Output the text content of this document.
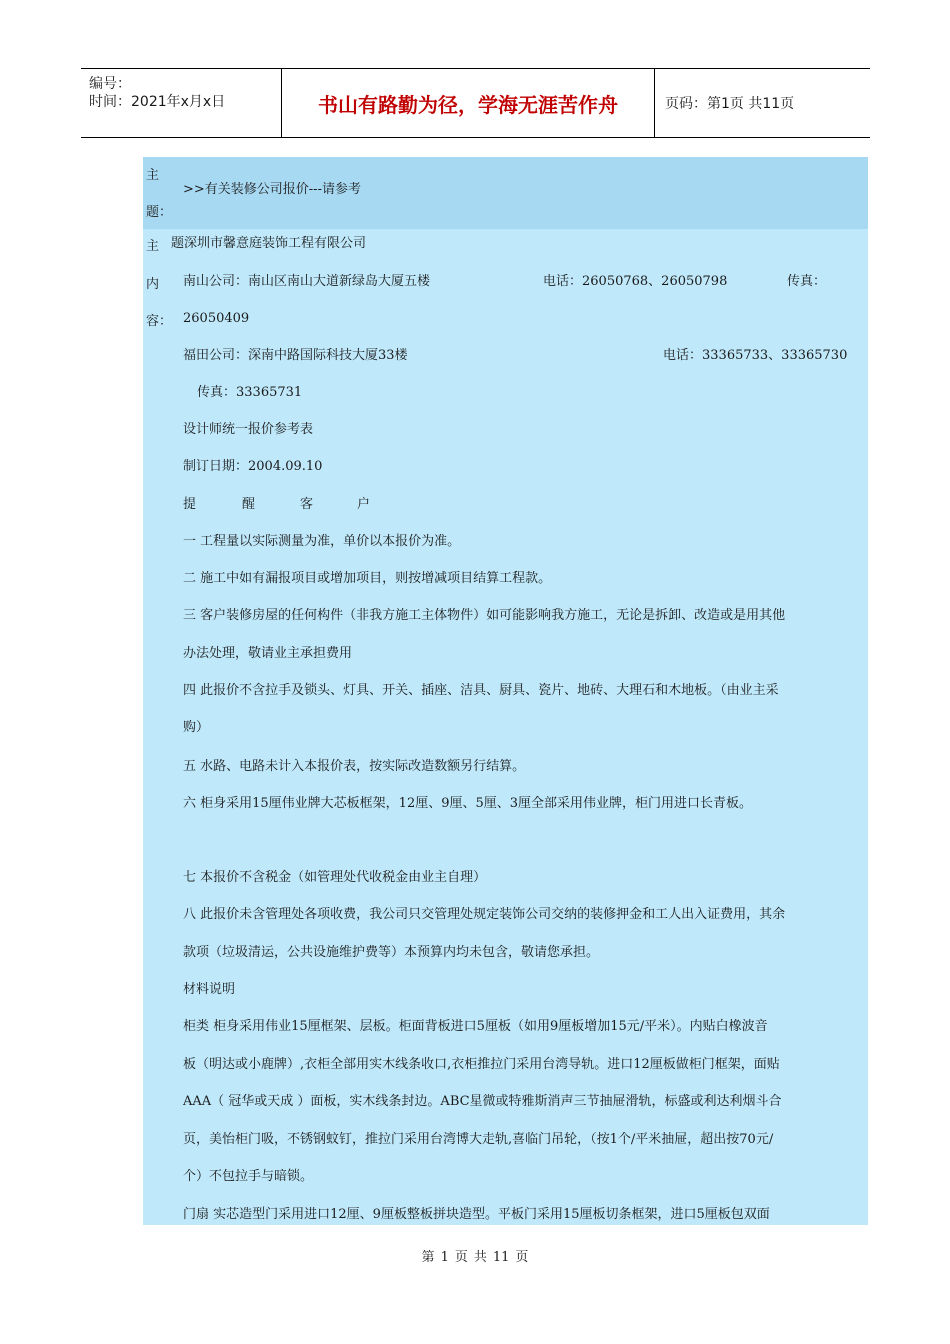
编号：
时间：2021年x月x日	书山有路勤为径，学海无涯苦作舟	页码：第1页 共11页
主
>>有关装修公司报价---请参考
题：
主
内
容：
题深圳市馨意庭装饰工程有限公司
南山公司：南山区南山大道新绿岛大厦五楼	电话：26050768、26050798	传真：
26050409
福田公司：深南中路国际科技大厦33楼	电话：33365733、33365730
传真：33365731
设计师统一报价参考表
制订日期：2004.09.10
提	醒	客	户
一 工程量以实际测量为准，单价以本报价为准。
二 施工中如有漏报项目或增加项目，则按增减项目结算工程款。
三 客户装修房屋的任何构件（非我方施工主体物件）如可能影响我方施工，无论是拆卸、改造或是用其他
办法处理，敬请业主承担费用
四 此报价不含拉手及锁头、灯具、开关、插座、洁具、厨具、瓷片、地砖、大理石和木地板。（由业主采
购）
五 水路、电路未计入本报价表，按实际改造数额另行结算。
六 柜身采用15厘伟业牌大芯板框架，12厘、9厘、5厘、3厘全部采用伟业牌，柜门用进口长青板。
七 本报价不含税金（如管理处代收税金由业主自理）
八 此报价未含管理处各项收费，我公司只交管理处规定装饰公司交纳的装修押金和工人出入证费用，其余
款项（垃圾清运，公共设施维护费等）本预算内均未包含，敬请您承担。
材料说明
柜类 柜身采用伟业15厘框架、层板。柜面背板进口5厘板（如用9厘板增加15元/平米）。内贴白橡波音
板（明达或小鹿牌）,衣柜全部用实木线条收口,衣柜推拉门采用台湾导轨。进口12厘板做柜门框架，面贴
AAA（ 冠华或天成 ）面板，实木线条封边。ABC星微或特雅斯消声三节抽屉滑轨，标盛或利达利烟斗合
页，美怡柜门吸，不锈钢蚊钉，推拉门采用台湾博大走轨,喜临门吊轮，（按1个/平米抽屉，超出按70元/
个）不包拉手与暗锁。
门扇 实芯造型门采用进口12厘、9厘板整板拼块造型。平板门采用15厘板切条框架，进口5厘板包双面
第 1 页 共 11 页
